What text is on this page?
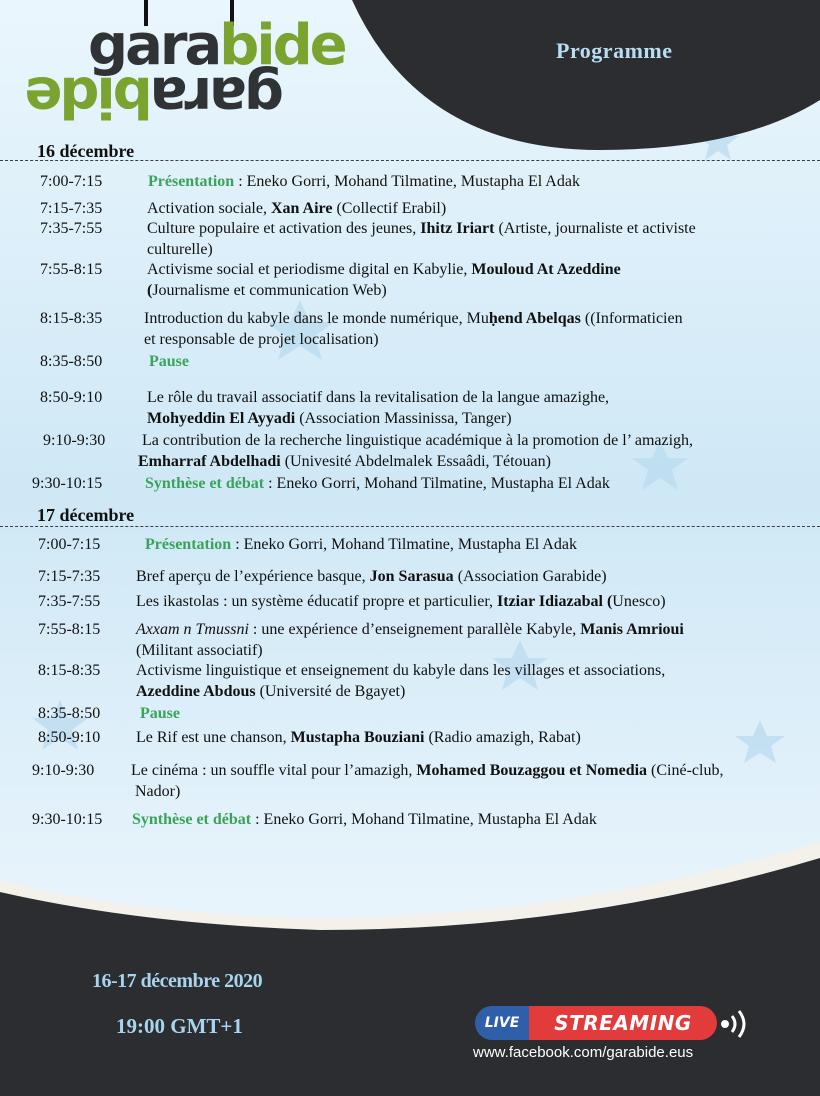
garabide
garabide
Programme
16 décembre
7:00-7:15	Présentation : Eneko Gorri, Mohand Tilmatine, Mustapha El Adak
7:15-7:35	Activation sociale, Xan Aire (Collectif Erabil)
7:35-7:55	Culture populaire et activation des jeunes, Ihitz Iriart (Artiste, journaliste et activiste
culturelle)
7:55-8:15	Activisme social et periodisme digital en Kabylie, Mouloud At Azeddine
(Journalisme et communication Web)
8:15-8:35	Introduction du kabyle dans le monde numérique, Muḥend Abelqas ((Informaticien
et responsable de projet localisation)
8:35-8:50	Pause
8:50-9:10	Le rôle du travail associatif dans la revitalisation de la langue amazighe,
Mohyeddin El Ayyadi (Association Massinissa, Tanger)
9:10-9:30 La contribution de la recherche linguistique académique à la promotion de l’ amazigh,
Emharraf Abdelhadi (Univesité Abdelmalek Essaâdi, Tétouan)
9:30-10:15	Synthèse et débat : Eneko Gorri, Mohand Tilmatine, Mustapha El Adak
17 décembre
7:00-7:15	Présentation : Eneko Gorri, Mohand Tilmatine, Mustapha El Adak
7:15-7:35 Bref aperçu de l’expérience basque, Jon Sarasua (Association Garabide)
7:35-7:55 Les ikastolas : un système éducatif propre et particulier, Itziar Idiazabal (Unesco)
7:55-8:15 Axxam n Tmussni : une expérience d’enseignement parallèle Kabyle, Manis Amrioui
(Militant associatif)
8:15-8:35 Activisme linguistique et enseignement du kabyle dans les villages et associations,
Azeddine Abdous (Université de Bgayet)
8:35-8:50 Pause
8:50-9:10 Le Rif est une chanson, Mustapha Bouziani (Radio amazigh, Rabat)
9:10-9:30 Le cinéma : un souffle vital pour l’amazigh, Mohamed Bouzaggou et Nomedia (Ciné-club,
Nador)
9:30-10:15 Synthèse et débat : Eneko Gorri, Mohand Tilmatine, Mustapha El Adak
16-17 décembre 2020
19:00 GMT+1	LIVE	STREAMING
www.facebook.com/garabide.eus
